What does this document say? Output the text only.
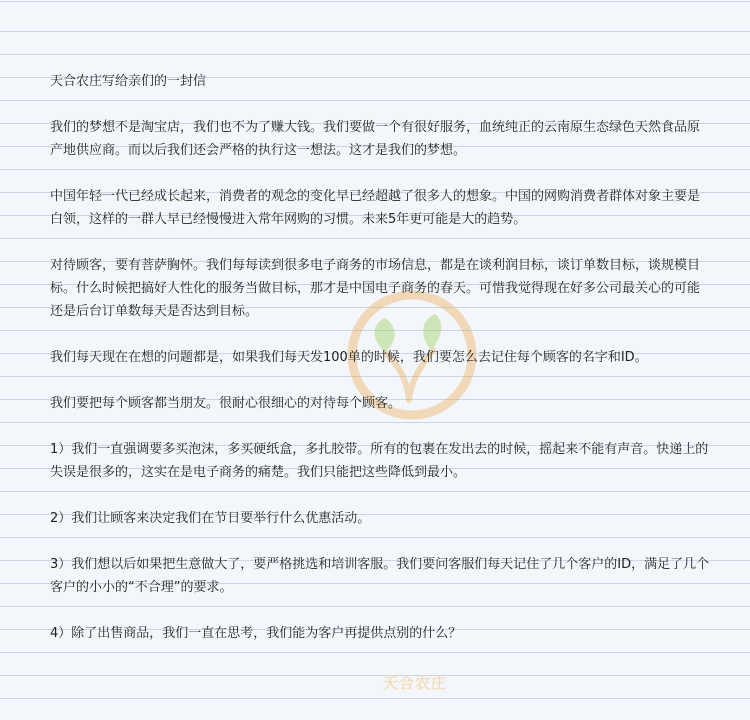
天合农庄

天合农庄写给亲们的一封信

我们的梦想不是淘宝店，我们也不为了赚大钱。我们要做一个有很好服务，血统纯正的云南原生态绿色天然食品原产地供应商。而以后我们还会严格的执行这一想法。这才是我们的梦想。

中国年轻一代已经成长起来，消费者的观念的变化早已经超越了很多人的想象。中国的网购消费者群体对象主要是白领，这样的一群人早已经慢慢进入常年网购的习惯。未来5年更可能是大的趋势。

对待顾客，要有菩萨胸怀。我们每每读到很多电子商务的市场信息，都是在谈利润目标，谈订单数目标，谈规模目标。什么时候把搞好人性化的服务当做目标，那才是中国电子商务的春天。可惜我觉得现在好多公司最关心的可能还是后台订单数每天是否达到目标。

我们每天现在在想的问题都是，如果我们每天发100单的时候，我们要怎么去记住每个顾客的名字和ID。

我们要把每个顾客都当朋友。很耐心很细心的对待每个顾客。

1）我们一直强调要多买泡沫，多买硬纸盒，多扎胶带。所有的包裹在发出去的时候，摇起来不能有声音。快递上的失误是很多的，这实在是电子商务的痛楚。我们只能把这些降低到最小。

2）我们让顾客来决定我们在节日要举行什么优惠活动。

3）我们想以后如果把生意做大了，要严格挑选和培训客服。我们要问客服们每天记住了几个客户的ID，满足了几个客户的小小的“不合理”的要求。

4）除了出售商品，我们一直在思考，我们能为客户再提供点别的什么？
